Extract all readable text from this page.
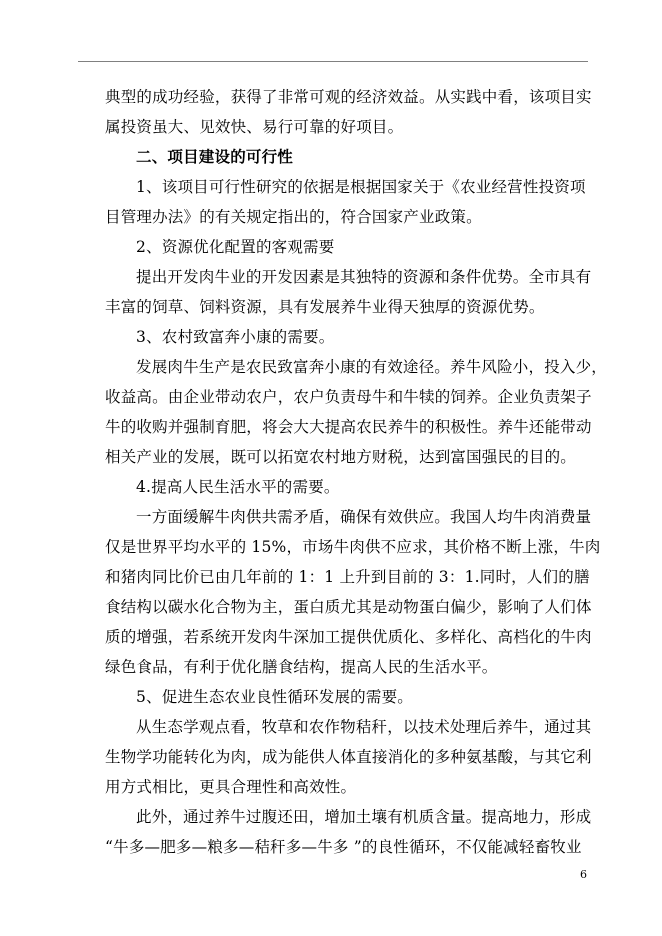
典型的成功经验，获得了非常可观的经济效益。从实践中看，该项目实
属投资虽大、见效快、易行可靠的好项目。
二、项目建设的可行性
1、该项目可行性研究的依据是根据国家关于《农业经营性投资项
目管理办法》的有关规定指出的，符合国家产业政策。
2、资源优化配置的客观需要
提出开发肉牛业的开发因素是其独特的资源和条件优势。全市具有
丰富的饲草、饲料资源，具有发展养牛业得天独厚的资源优势。
3、农村致富奔小康的需要。
发展肉牛生产是农民致富奔小康的有效途径。养牛风险小，投入少，
收益高。由企业带动农户，农户负责母牛和牛犊的饲养。企业负责架子
牛的收购并强制育肥，将会大大提高农民养牛的积极性。养牛还能带动
相关产业的发展，既可以拓宽农村地方财税，达到富国强民的目的。
4.提高人民生活水平的需要。
一方面缓解牛肉供共需矛盾，确保有效供应。我国人均牛肉消费量
仅是世界平均水平的 15%，市场牛肉供不应求，其价格不断上涨，牛肉
和猪肉同比价已由几年前的 1：1 上升到目前的 3：1.同时，人们的膳
食结构以碳水化合物为主，蛋白质尤其是动物蛋白偏少，影响了人们体
质的增强，若系统开发肉牛深加工提供优质化、多样化、高档化的牛肉
绿色食品，有利于优化膳食结构，提高人民的生活水平。
5、促进生态农业良性循环发展的需要。
从生态学观点看，牧草和农作物秸秆，以技术处理后养牛，通过其
生物学功能转化为肉，成为能供人体直接消化的多种氨基酸，与其它利
用方式相比，更具合理性和高效性。
此外，通过养牛过腹还田，增加土壤有机质含量。提高地力，形成
“牛多—肥多—粮多—秸秆多—牛多 ”的良性循环，不仅能减轻畜牧业
6
